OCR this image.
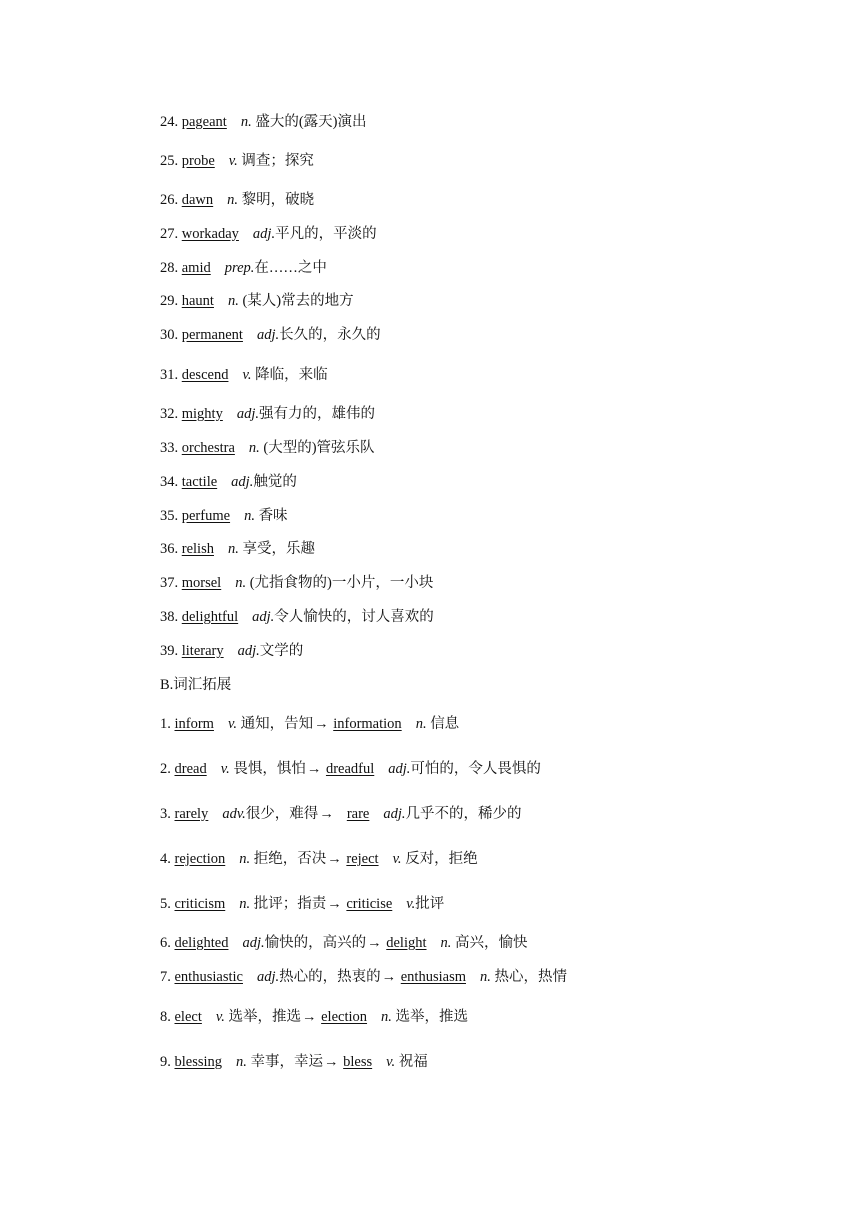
24. pageant n. 盛大的(露天)演出
25. probe v. 调查；探究
26. dawn n. 黎明，破晓
27. workaday adj.平凡的，平淡的
28. amid prep.在……之中
29. haunt n. (某人)常去的地方
30. permanent adj.长久的，永久的
31. descend v. 降临，来临
32. mighty adj.强有力的，雄伟的
33. orchestra n. (大型的)管弦乐队
34. tactile adj.触觉的
35. perfume n. 香味
36. relish n. 享受，乐趣
37. morsel n. (尤指食物的)一小片，一小块
38. delightful adj.令人愉快的，讨人喜欢的
39. literary adj.文学的
B.词汇拓展
1. inform v. 通知，告知→ information n. 信息
2. dread v. 畏惧，惧怕→ dreadful adj.可怕的，令人畏惧的
3. rarely adv.很少，难得→ rare adj.几乎不的，稀少的
4. rejection n. 拒绝，否决→ reject v. 反对，拒绝
5. criticism n. 批评；指责→ criticise v.批评
6. delighted adj.愉快的，高兴的→ delight n. 高兴，愉快
7. enthusiastic adj.热心的，热衷的→ enthusiasm n. 热心，热情
8. elect v. 选举，推选→ election n. 选举，推选
9. blessing n. 幸事，幸运→ bless v. 祝福
